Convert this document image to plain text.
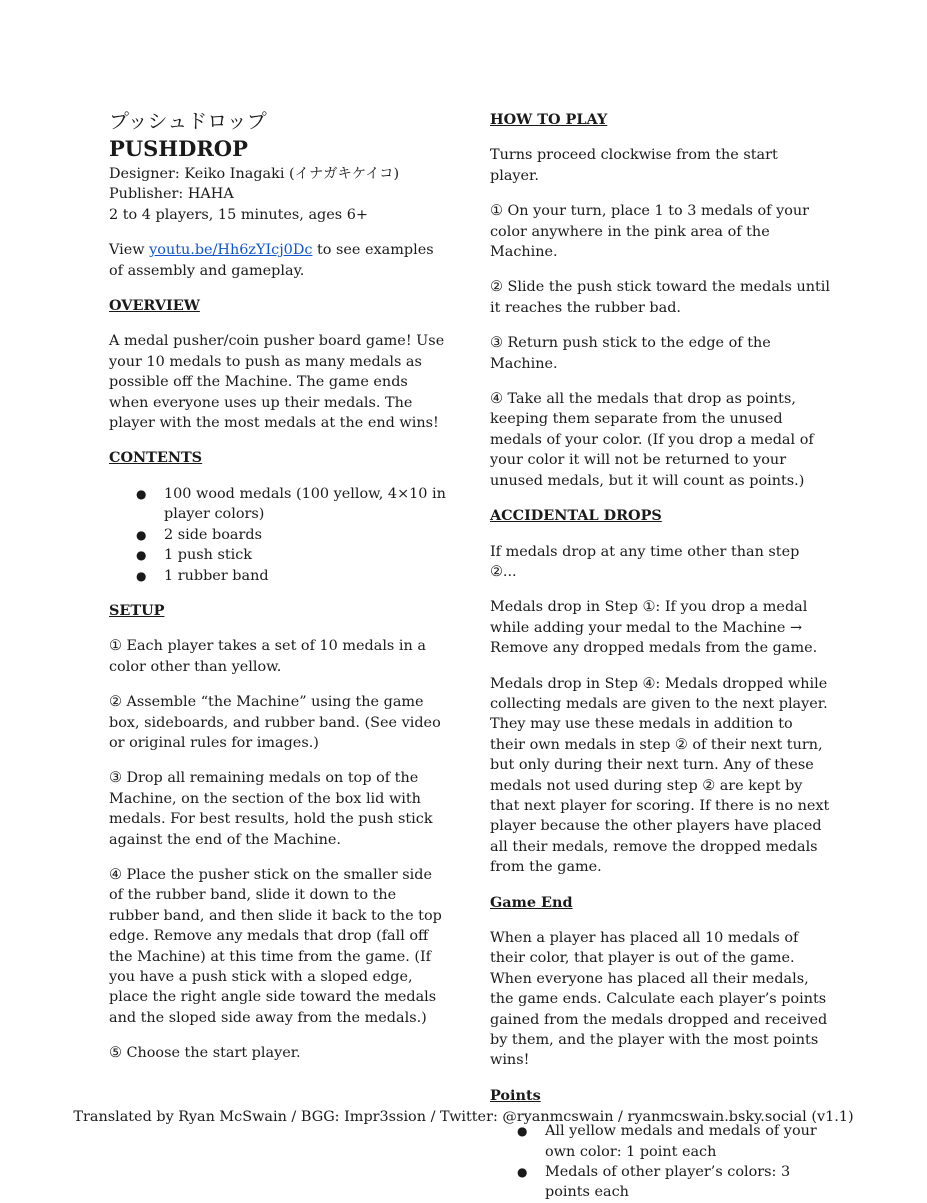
プッシュドロップ
PUSHDROP
Designer: Keiko Inagaki (イナガキケイコ)
Publisher: HAHA

2 to 4 players, 15 minutes, ages 6+

View youtu.be/Hh6zYIcj0Dc to see examples of assembly and gameplay.

OVERVIEW

A medal pusher/coin pusher board game! Use your 10 medals to push as many medals as possible off the Machine. The game ends when everyone uses up their medals. The player with the most medals at the end wins!

CONTENTS
● 100 wood medals (100 yellow, 4×10 in player colors)
● 2 side boards
● 1 push stick
● 1 rubber band
SETUP

① Each player takes a set of 10 medals in a color other than yellow.

② Assemble “the Machine” using the game box, sideboards, and rubber band. (See video or original rules for images.)

③ Drop all remaining medals on top of the Machine, on the section of the box lid with medals. For best results, hold the push stick against the end of the Machine.

④ Place the pusher stick on the smaller side of the rubber band, slide it down to the rubber band, and then slide it back to the top edge. Remove any medals that drop (fall off the Machine) at this time from the game. (If you have a push stick with a sloped edge, place the right angle side toward the medals and the sloped side away from the medals.)

⑤ Choose the start player.

HOW TO PLAY

Turns proceed clockwise from the start player.

① On your turn, place 1 to 3 medals of your color anywhere in the pink area of the Machine.

② Slide the push stick toward the medals until it reaches the rubber bad.

③ Return push stick to the edge of the Machine.

④ Take all the medals that drop as points, keeping them separate from the unused medals of your color. (If you drop a medal of your color it will not be returned to your unused medals, but it will count as points.)

ACCIDENTAL DROPS

If medals drop at any time other than step ②...

Medals drop in Step ①: If you drop a medal while adding your medal to the Machine → Remove any dropped medals from the game.

Medals drop in Step ④: Medals dropped while collecting medals are given to the next player. They may use these medals in addition to their own medals in step ② of their next turn, but only during their next turn. Any of these medals not used during step ② are kept by that next player for scoring. If there is no next player because the other players have placed all their medals, remove the dropped medals from the game.

Game End

When a player has placed all 10 medals of their color, that player is out of the game. When everyone has placed all their medals, the game ends. Calculate each player’s points gained from the medals dropped and received by them, and the player with the most points wins!

Points
● All yellow medals and medals of your own color: 1 point each
● Medals of other player’s colors: 3 points each
Translated by Ryan McSwain / BGG: Impr3ssion / Twitter: @ryanmcswain / ryanmcswain.bsky.social (v1.1)
